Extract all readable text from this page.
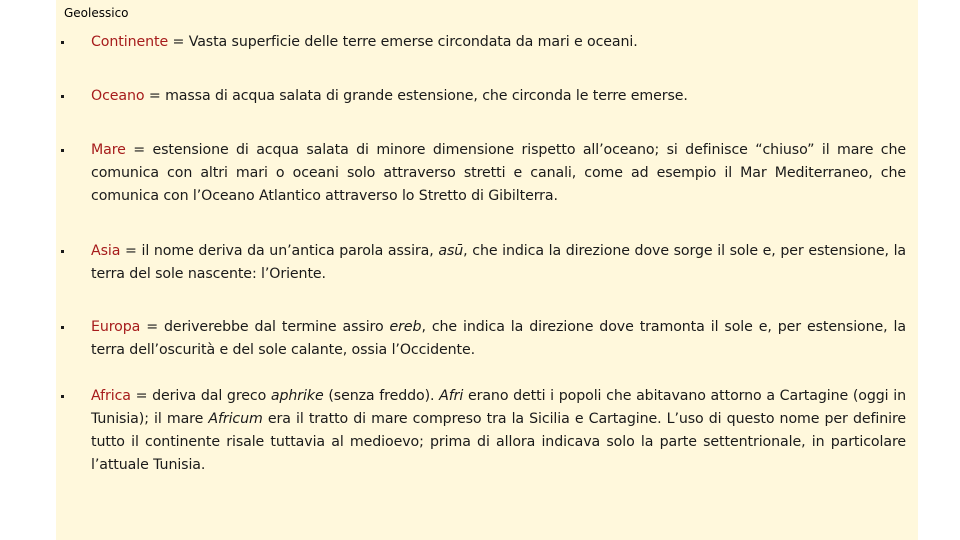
Geolessico
Continente = Vasta superficie delle terre emerse circondata da mari e oceani.
Oceano = massa di acqua salata di grande estensione, che circonda le terre emerse.
Mare = estensione di acqua salata di minore dimensione rispetto all’oceano; si definisce “chiuso” il mare che comunica con altri mari o oceani solo attraverso stretti e canali, come ad esempio il Mar Mediterraneo, che comunica con l’Oceano Atlantico attraverso lo Stretto di Gibilterra.
Asia = il nome deriva da un’antica parola assira, asū, che indica la direzione dove sorge il sole e, per estensione, la terra del sole nascente: l’Oriente.
Europa = deriverebbe dal termine assiro ereb, che indica la direzione dove tramonta il sole e, per estensione, la terra dell’oscurità e del sole calante, ossia l’Occidente.
Africa = deriva dal greco aphrike (senza freddo). Afri erano detti i popoli che abitavano attorno a Cartagine (oggi in Tunisia); il mare Africum era il tratto di mare compreso tra la Sicilia e Cartagine. L’uso di questo nome per definire tutto il continente risale tuttavia al medioevo; prima di allora indicava solo la parte settentrionale, in particolare l’attuale Tunisia.
